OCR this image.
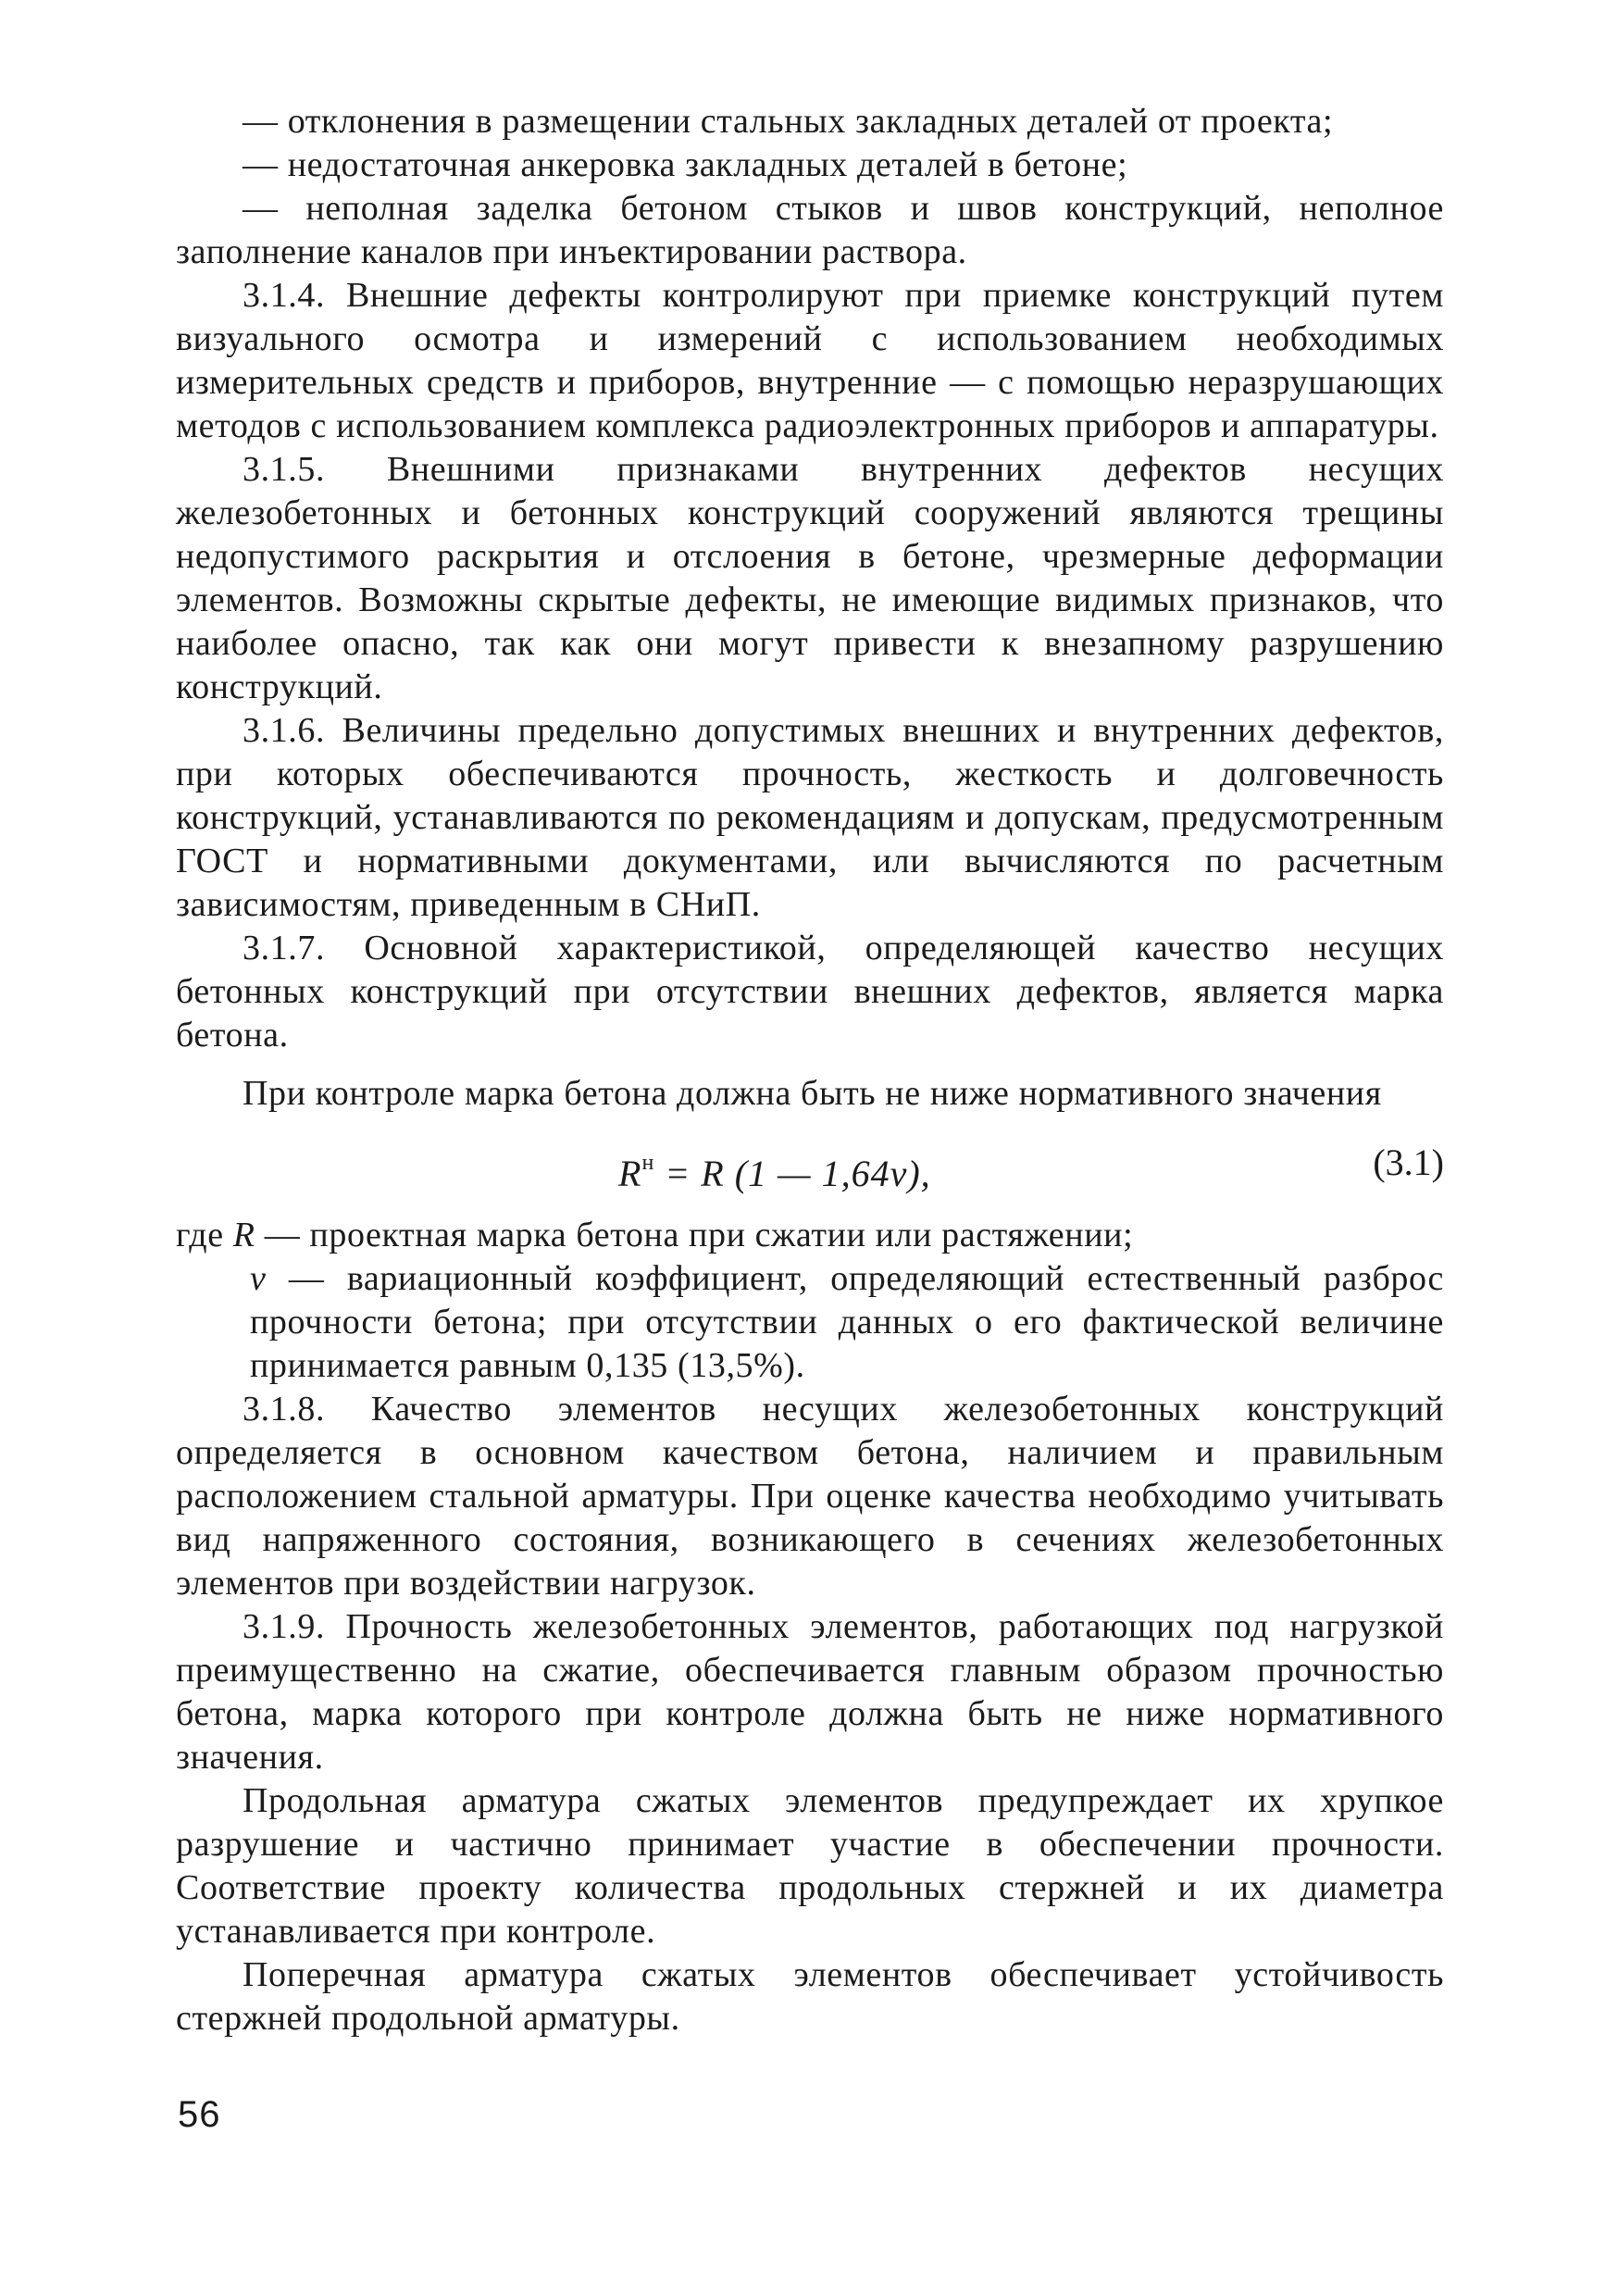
— отклонения в размещении стальных закладных деталей от проекта;

— недостаточная анкеровка закладных деталей в бетоне;

— неполная заделка бетоном стыков и швов конструкций, неполное заполнение каналов при инъектировании раствора.

3.1.4. Внешние дефекты контролируют при приемке конструкций путем визуального осмотра и измерений с использованием необходимых измерительных средств и приборов, внутренние — с помощью неразрушающих методов с использованием комплекса радиоэлектронных приборов и аппаратуры.

3.1.5. Внешними признаками внутренних дефектов несущих железобетонных и бетонных конструкций сооружений являются трещины недопустимого раскрытия и отслоения в бетоне, чрезмерные деформации элементов. Возможны скрытые дефекты, не имеющие видимых признаков, что наиболее опасно, так как они могут привести к внезапному разрушению конструкций.

3.1.6. Величины предельно допустимых внешних и внутренних дефектов, при которых обеспечиваются прочность, жесткость и долговечность конструкций, устанавливаются по рекомендациям и допускам, предусмотренным ГОСТ и нормативными документами, или вычисляются по расчетным зависимостям, приведенным в СНиП.

3.1.7. Основной характеристикой, определяющей качество несущих бетонных конструкций при отсутствии внешних дефектов, является марка бетона.

При контроле марка бетона должна быть не ниже нормативного значения

$R^н = R$ (1 — 1,64v),	(3.1)
где R — проектная марка бетона при сжатии или растяжении;
v — вариационный коэффициент, определяющий естественный разброс прочности бетона; при отсутствии данных о его фактической величине принимается равным 0,135 (13,5%).

3.1.8. Качество элементов несущих железобетонных конструкций определяется в основном качеством бетона, наличием и правильным расположением стальной арматуры. При оценке качества необходимо учитывать вид напряженного состояния, возникающего в сечениях железобетонных элементов при воздействии нагрузок.

3.1.9. Прочность железобетонных элементов, работающих под нагрузкой преимущественно на сжатие, обеспечивается главным образом прочностью бетона, марка которого при контроле должна быть не ниже нормативного значения.

Продольная арматура сжатых элементов предупреждает их хрупкое разрушение и частично принимает участие в обеспечении прочности. Соответствие проекту количества продольных стержней и их диаметра устанавливается при контроле.

Поперечная арматура сжатых элементов обеспечивает устойчивость стержней продольной арматуры.

56
